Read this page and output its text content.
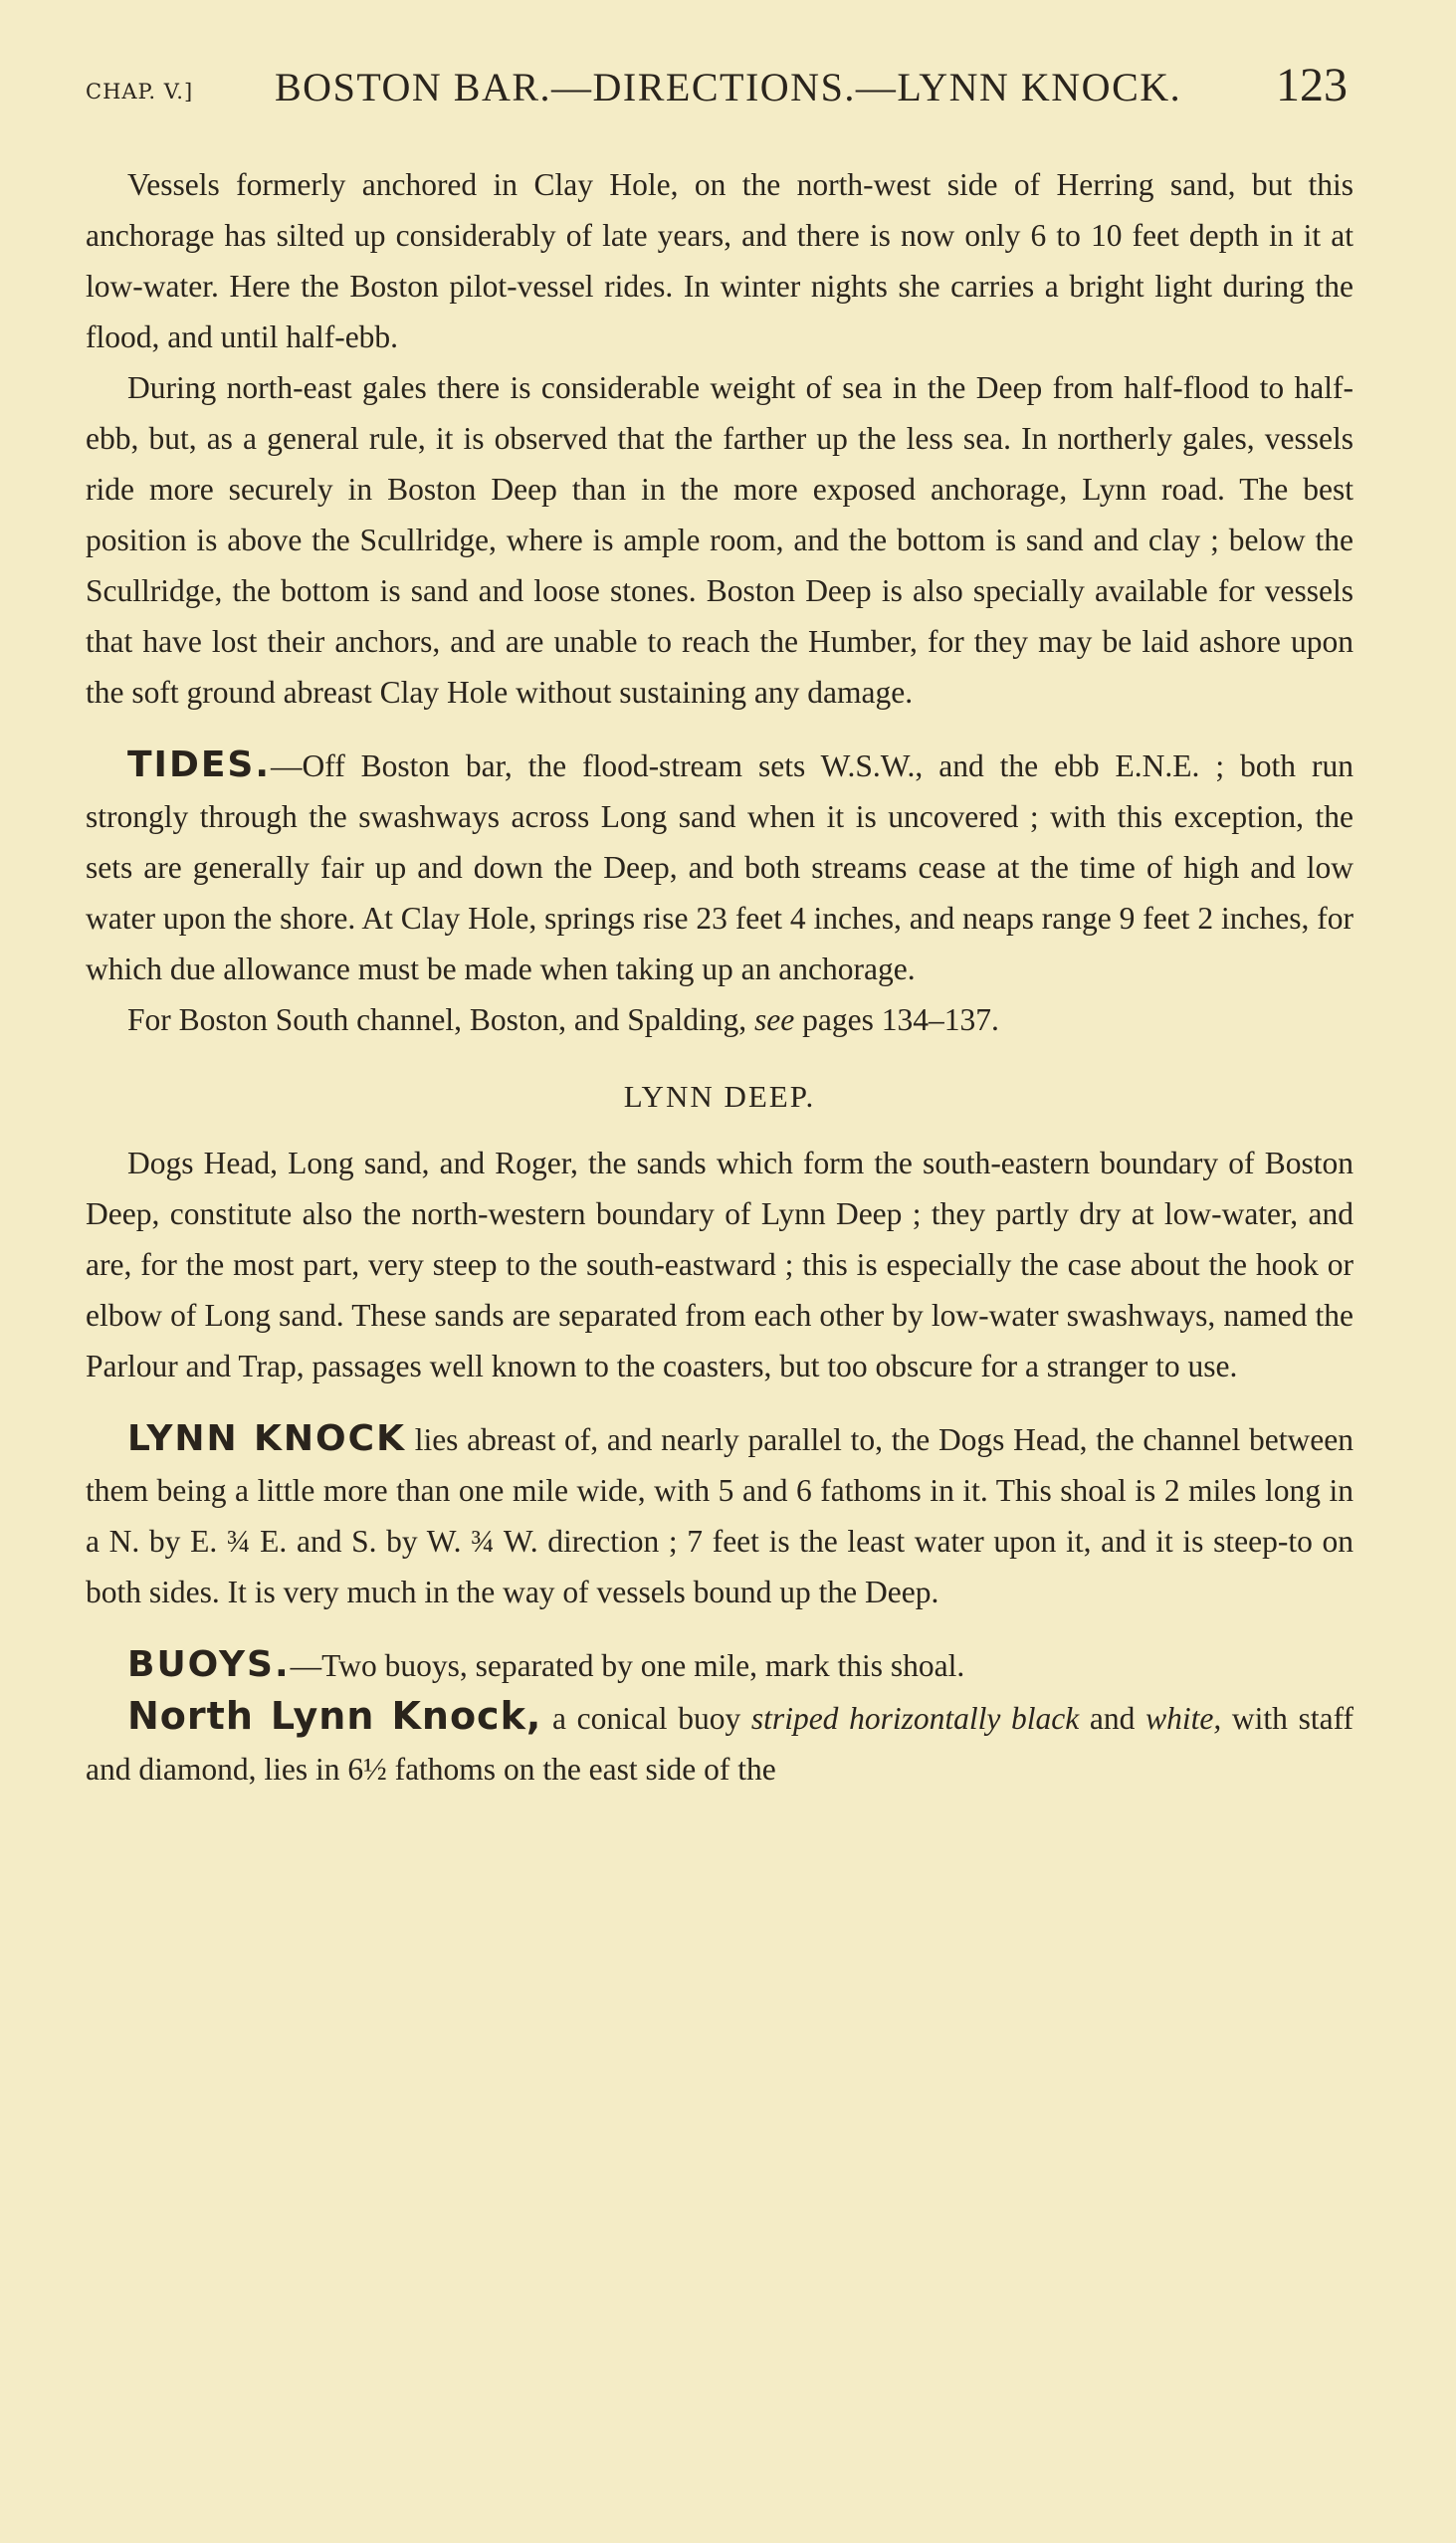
CHAP. V.] BOSTON BAR.—DIRECTIONS.—LYNN KNOCK.	123

Vessels formerly anchored in Clay Hole, on the north-west side of Herring sand, but this anchorage has silted up considerably of late years, and there is now only 6 to 10 feet depth in it at low-water. Here the Boston pilot-vessel rides. In winter nights she carries a bright light during the flood, and until half-ebb.

During north-east gales there is considerable weight of sea in the Deep from half-flood to half-ebb, but, as a general rule, it is observed that the farther up the less sea. In northerly gales, vessels ride more securely in Boston Deep than in the more exposed anchorage, Lynn road. The best position is above the Scullridge, where is ample room, and the bottom is sand and clay ; below the Scullridge, the bottom is sand and loose stones. Boston Deep is also specially available for vessels that have lost their anchors, and are unable to reach the Humber, for they may be laid ashore upon the soft ground abreast Clay Hole without sustaining any damage.

TIDES.—Off Boston bar, the flood-stream sets W.S.W., and the ebb E.N.E. ; both run strongly through the swashways across Long sand when it is uncovered ; with this exception, the sets are generally fair up and down the Deep, and both streams cease at the time of high and low water upon the shore. At Clay Hole, springs rise 23 feet 4 inches, and neaps range 9 feet 2 inches, for which due allowance must be made when taking up an anchorage.

For Boston South channel, Boston, and Spalding, see pages 134–137.

LYNN DEEP.

Dogs Head, Long sand, and Roger, the sands which form the south-eastern boundary of Boston Deep, constitute also the north-western boundary of Lynn Deep ; they partly dry at low-water, and are, for the most part, very steep to the south-eastward ; this is especially the case about the hook or elbow of Long sand. These sands are separated from each other by low-water swashways, named the Parlour and Trap, passages well known to the coasters, but too obscure for a stranger to use.

LYNN KNOCK lies abreast of, and nearly parallel to, the Dogs Head, the channel between them being a little more than one mile wide, with 5 and 6 fathoms in it. This shoal is 2 miles long in a N. by E. ¾ E. and S. by W. ¾ W. direction ; 7 feet is the least water upon it, and it is steep-to on both sides. It is very much in the way of vessels bound up the Deep.

BUOYS.—Two buoys, separated by one mile, mark this shoal.

North Lynn Knock, a conical buoy striped horizontally black and white, with staff and diamond, lies in 6½ fathoms on the east side of the
